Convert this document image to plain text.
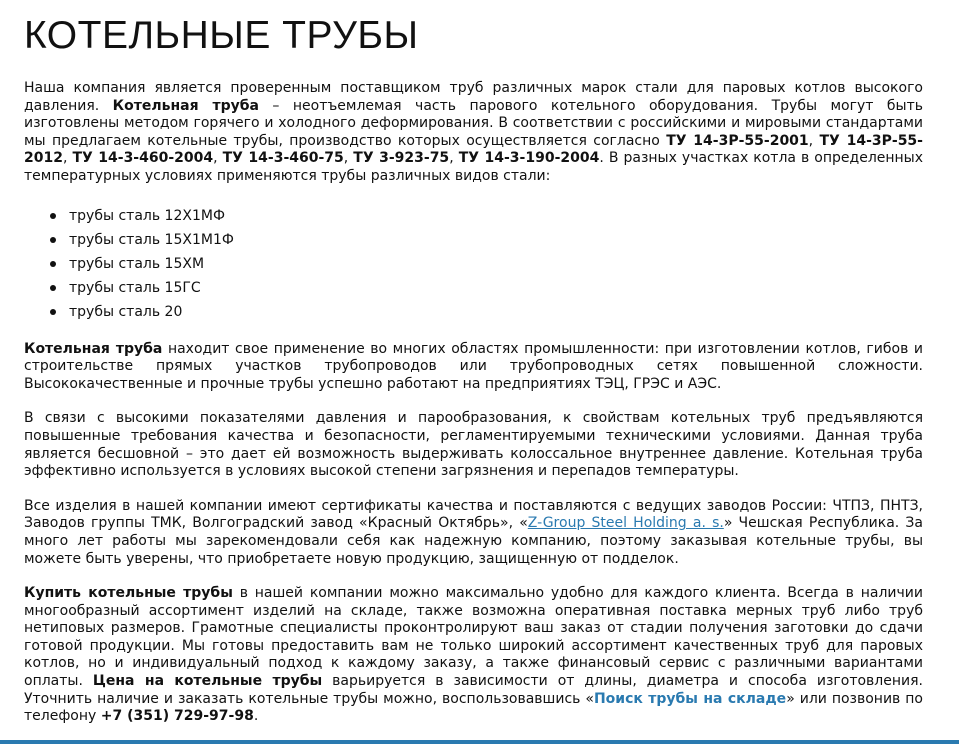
КОТЕЛЬНЫЕ ТРУБЫ

Наша компания является проверенным поставщиком труб различных марок стали для паровых котлов высокого давления. Котельная труба – неотъемлемая часть парового котельного оборудования. Трубы могут быть изготовлены методом горячего и холодного деформирования. В соответствии с российскими и мировыми стандартами мы предлагаем котельные трубы, производство которых осуществляется согласно ТУ 14-3Р-55-2001, ТУ 14-3Р-55-2012, ТУ 14-3-460-2004, ТУ 14-3-460-75, ТУ 3-923-75, ТУ 14-3-190-2004. В разных участках котла в определенных температурных условиях применяются трубы различных видов стали:

трубы сталь 12Х1МФ
трубы сталь 15Х1М1Ф
трубы сталь 15ХМ
трубы сталь 15ГС
трубы сталь 20

Котельная труба находит свое применение во многих областях промышленности: при изготовлении котлов, гибов и строительстве прямых участков трубопроводов или трубопроводных сетях повышенной сложности. Высококачественные и прочные трубы успешно работают на предприятиях ТЭЦ, ГРЭС и АЭС.

В связи с высокими показателями давления и парообразования, к свойствам котельных труб предъявляются повышенные требования качества и безопасности, регламентируемыми техническими условиями. Данная труба является бесшовной – это дает ей возможность выдерживать колоссальное внутреннее давление. Котельная труба эффективно используется в условиях высокой степени загрязнения и перепадов температуры.

Все изделия в нашей компании имеют сертификаты качества и поставляются с ведущих заводов России: ЧТПЗ, ПНТЗ, Заводов группы ТМК, Волгоградский завод «Красный Октябрь», «Z-Group Steel Holding a. s.» Чешская Республика. За много лет работы мы зарекомендовали себя как надежную компанию, поэтому заказывая котельные трубы, вы можете быть уверены, что приобретаете новую продукцию, защищенную от подделок.

Купить котельные трубы в нашей компании можно максимально удобно для каждого клиента. Всегда в наличии многообразный ассортимент изделий на складе, также возможна оперативная поставка мерных труб либо труб нетиповых размеров. Грамотные специалисты проконтролируют ваш заказ от стадии получения заготовки до сдачи готовой продукции. Мы готовы предоставить вам не только широкий ассортимент качественных труб для паровых котлов, но и индивидуальный подход к каждому заказу, а также финансовый сервис с различными вариантами оплаты. Цена на котельные трубы варьируется в зависимости от длины, диаметра и способа изготовления. Уточнить наличие и заказать котельные трубы можно, воспользовавшись «Поиск трубы на складе» или позвонив по телефону +7 (351) 729-97-98.
